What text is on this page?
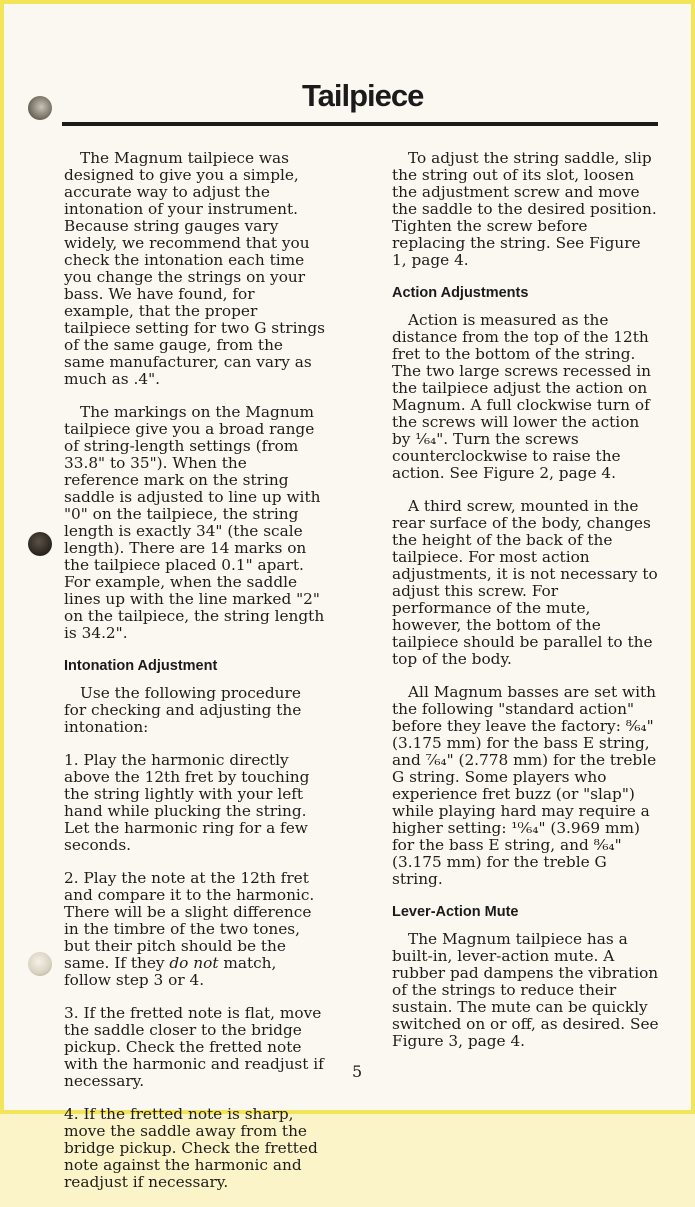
Tailpiece

The Magnum tailpiece was designed to give you a simple, accurate way to adjust the intonation of your instrument. Because string gauges vary widely, we recommend that you check the intonation each time you change the strings on your bass. We have found, for example, that the proper tailpiece setting for two G strings of the same gauge, from the same manufacturer, can vary as much as .4".

The markings on the Magnum tailpiece give you a broad range of string-length settings (from 33.8" to 35"). When the reference mark on the string saddle is adjusted to line up with "0" on the tailpiece, the string length is exactly 34" (the scale length). There are 14 marks on the tailpiece placed 0.1" apart. For example, when the saddle lines up with the line marked "2" on the tailpiece, the string length is 34.2".

Intonation Adjustment

Use the following procedure for checking and adjusting the intonation:

1. Play the harmonic directly above the 12th fret by touching the string lightly with your left hand while plucking the string. Let the harmonic ring for a few seconds.

2. Play the note at the 12th fret and compare it to the harmonic. There will be a slight difference in the timbre of the two tones, but their pitch should be the same. If they do not match, follow step 3 or 4.

3. If the fretted note is flat, move the saddle closer to the bridge pickup. Check the fretted note with the harmonic and readjust if necessary.

4. If the fretted note is sharp, move the saddle away from the bridge pickup. Check the fretted note against the harmonic and readjust if necessary.

To adjust the string saddle, slip the string out of its slot, loosen the adjustment screw and move the saddle to the desired position. Tighten the screw before replacing the string. See Figure 1, page 4.

Action Adjustments

Action is measured as the distance from the top of the 12th fret to the bottom of the string. The two large screws recessed in the tailpiece adjust the action on Magnum. A full clockwise turn of the screws will lower the action by ¹⁄₆₄". Turn the screws counterclockwise to raise the action. See Figure 2, page 4.

A third screw, mounted in the rear surface of the body, changes the height of the back of the tailpiece. For most action adjustments, it is not necessary to adjust this screw. For performance of the mute, however, the bottom of the tailpiece should be parallel to the top of the body.

All Magnum basses are set with the following "standard action" before they leave the factory: ⁸⁄₆₄" (3.175 mm) for the bass E string, and ⁷⁄₆₄" (2.778 mm) for the treble G string. Some players who experience fret buzz (or "slap") while playing hard may require a higher setting: ¹⁰⁄₆₄" (3.969 mm) for the bass E string, and ⁸⁄₆₄" (3.175 mm) for the treble G string.

Lever-Action Mute

The Magnum tailpiece has a built-in, lever-action mute. A rubber pad dampens the vibration of the strings to reduce their sustain. The mute can be quickly switched on or off, as desired. See Figure 3, page 4.

5
